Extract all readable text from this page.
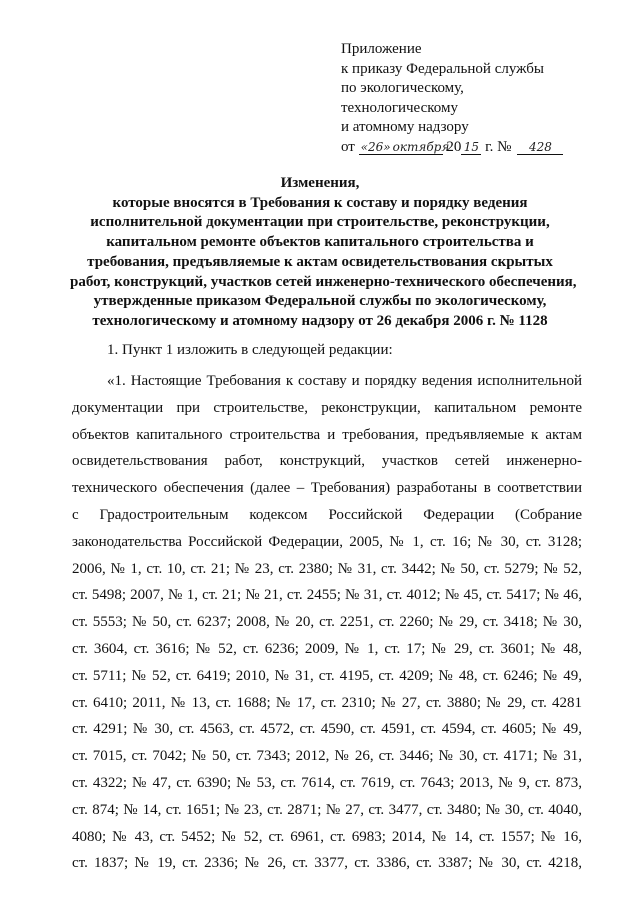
Приложение
к приказу Федеральной службы
по экологическому,
технологическому
и атомному надзору
от «26» октября 20 15 г. № 428
Изменения,
которые вносятся в Требования к составу и порядку ведения
исполнительной документации при строительстве, реконструкции,
капитальном ремонте объектов капитального строительства и
требования, предъявляемые к актам освидетельствования скрытых
работ, конструкций, участков сетей инженерно-технического обеспечения,
утвержденные приказом Федеральной службы по экологическому,
технологическому и атомному надзору от 26 декабря 2006 г. № 1128
1. Пункт 1 изложить в следующей редакции:
«1. Настоящие Требования к составу и порядку ведения исполнительной
документации при строительстве, реконструкции, капитальном ремонте
объектов капитального строительства и требования, предъявляемые к актам
освидетельствования работ, конструкций, участков сетей инженерно-
технического обеспечения (далее – Требования) разработаны в соответствии
с Градостроительным кодексом Российской Федерации (Собрание
законодательства Российской Федерации, 2005, № 1, ст. 16; № 30, ст. 3128;
2006, № 1, ст. 10, ст. 21; № 23, ст. 2380; № 31, ст. 3442; № 50, ст. 5279; № 52,
ст. 5498; 2007, № 1, ст. 21; № 21, ст. 2455; № 31, ст. 4012; № 45, ст. 5417; № 46,
ст. 5553; № 50, ст. 6237; 2008, № 20, ст. 2251, ст. 2260; № 29, ст. 3418; № 30,
ст. 3604, ст. 3616; № 52, ст. 6236; 2009, № 1, ст. 17; № 29, ст. 3601; № 48,
ст. 5711; № 52, ст. 6419; 2010, № 31, ст. 4195, ст. 4209; № 48, ст. 6246; № 49,
ст. 6410; 2011, № 13, ст. 1688; № 17, ст. 2310; № 27, ст. 3880; № 29, ст. 4281
ст. 4291; № 30, ст. 4563, ст. 4572, ст. 4590, ст. 4591, ст. 4594, ст. 4605; № 49,
ст. 7015, ст. 7042; № 50, ст. 7343; 2012, № 26, ст. 3446; № 30, ст. 4171; № 31,
ст. 4322; № 47, ст. 6390; № 53, ст. 7614, ст. 7619, ст. 7643; 2013, № 9, ст. 873,
ст. 874; № 14, ст. 1651; № 23, ст. 2871; № 27, ст. 3477, ст. 3480; № 30, ст. 4040,
4080; № 43, ст. 5452; № 52, ст. 6961, ст. 6983; 2014, № 14, ст. 1557; № 16,
ст. 1837; № 19, ст. 2336; № 26, ст. 3377, ст. 3386, ст. 3387; № 30, ст. 4218,
